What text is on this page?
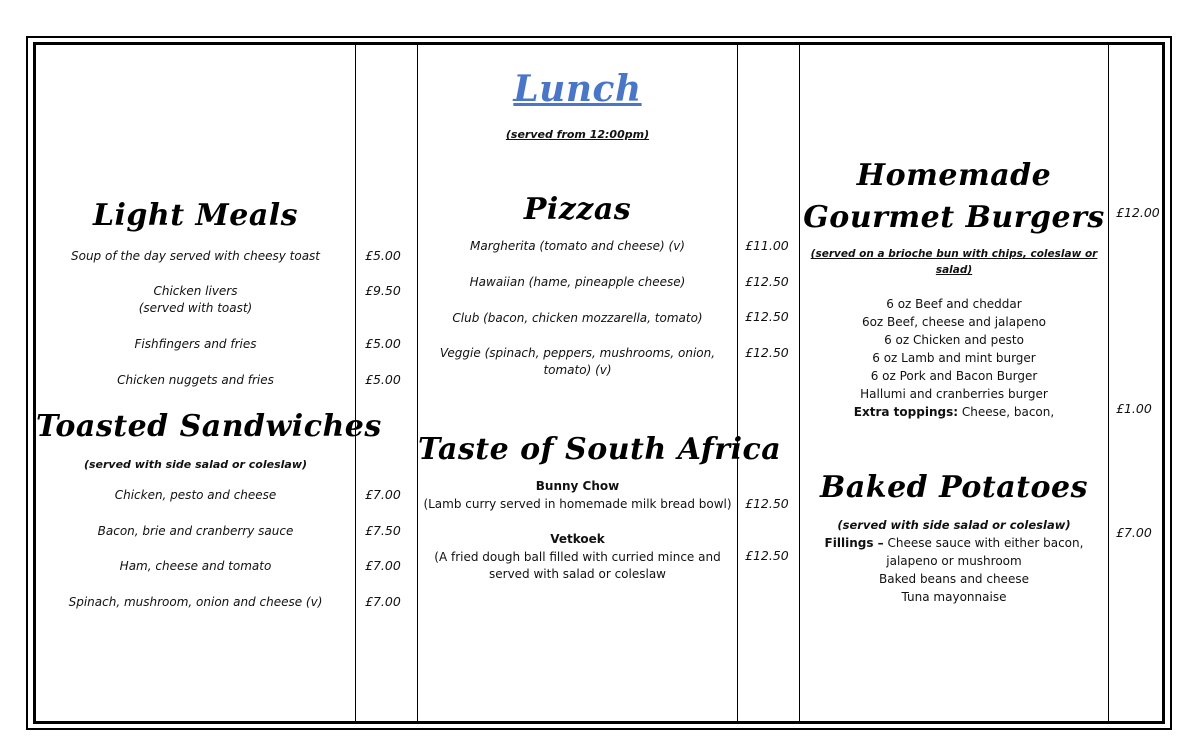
Light Meals
Soup of the day served with cheesy toast
Chicken livers
(served with toast)
Fishfingers and fries
Chicken nuggets and fries
Toasted Sandwiches
(served with side salad or coleslaw)
Chicken, pesto and cheese
Bacon, brie and cranberry sauce
Ham, cheese and tomato
Spinach, mushroom, onion and cheese (v)
£5.00
£9.50
£5.00
£5.00
£7.00
£7.50
£7.00
£7.00
Lunch
(served from 12:00pm)
Pizzas
Margherita (tomato and cheese) (v)
Hawaiian (hame, pineapple cheese)
Club (bacon, chicken mozzarella, tomato)
Veggie (spinach, peppers, mushrooms, onion,
tomato) (v)
Taste of South Africa
Bunny Chow
(Lamb curry served in homemade milk bread bowl)
Vetkoek
(A fried dough ball filled with curried mince and
served with salad or coleslaw
£11.00
£12.50
£12.50
£12.50
£12.50
£12.50
Homemade
Gourmet Burgers
(served on a brioche bun with chips, coleslaw or
salad)
6 oz Beef and cheddar
6oz Beef, cheese and jalapeno
6 oz Chicken and pesto
6 oz Lamb and mint burger
6 oz Pork and Bacon Burger
Hallumi and cranberries burger
Extra toppings: Cheese, bacon,
Baked Potatoes
(served with side salad or coleslaw)
Fillings – Cheese sauce with either bacon,
jalapeno or mushroom
Baked beans and cheese
Tuna mayonnaise
£12.00
£1.00
£7.00
